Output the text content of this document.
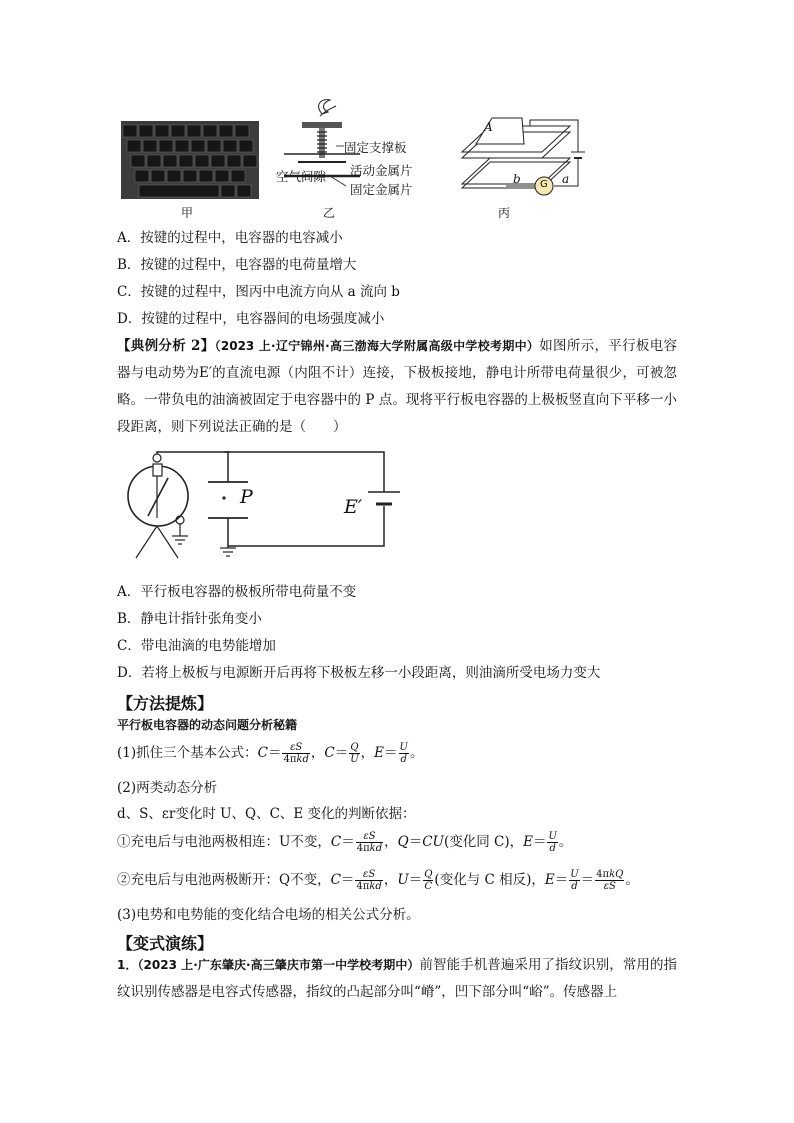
甲
固定支撑板
空气间隙 活动金属片
固定金属片
乙
A
b G a
丙
A．按键的过程中，电容器的电容减小
B．按键的过程中，电容器的电荷量增大
C．按键的过程中，图丙中电流方向从 a 流向 b
D．按键的过程中，电容器间的电场强度减小
【典例分析 2】（2023 上·辽宁锦州·高三渤海大学附属高级中学校考期中）如图所示，平行板电容器与电动势为E′的直流电源（内阻不计）连接，下极板接地，静电计所带电荷量很少，可被忽略。一带负电的油滴被固定于电容器中的 P 点。现将平行板电容器的上极板竖直向下平移一小段距离，则下列说法正确的是（　　）
P	E′
A．平行板电容器的极板所带电荷量不变
B．静电计指针张角变小
C．带电油滴的电势能增加
D．若将上极板与电源断开后再将下极板左移一小段距离，则油滴所受电场力变大
【方法提炼】
平行板电容器的动态问题分析秘籍
(1)抓住三个基本公式：$C= \frac{\varepsilon S}{\text{4πkd}}$ ，$C= \frac{Q}{U}$ ，$E= \frac{U}{d}$ 。
(2)两类动态分析
d、S、εr变化时 U、Q、C、E 变化的判断依据：
①充电后与电池两极相连：U不变，$C= \frac{\varepsilon S}{\text{4πkd}}$ ，Q＝CU(变化同 C)，$E= \frac{U}{d}$ 。
②充电后与电池两极断开：Q不变，$C= \frac{\varepsilon S}{\text{4πkd}}$ ，$U= \frac{Q}{C}$ (变化与 C 相反)，$E= \frac{U}{d} = \frac{\text{4πkQ}}{\varepsilon S}$ 。
(3)电势和电势能的变化结合电场的相关公式分析。
【变式演练】
1．（2023 上·广东肇庆·高三肇庆市第一中学校考期中）前智能手机普遍采用了指纹识别，常用的指纹识别传感器是电容式传感器，指纹的凸起部分叫“嵴”，凹下部分叫“峪”。传感器上
